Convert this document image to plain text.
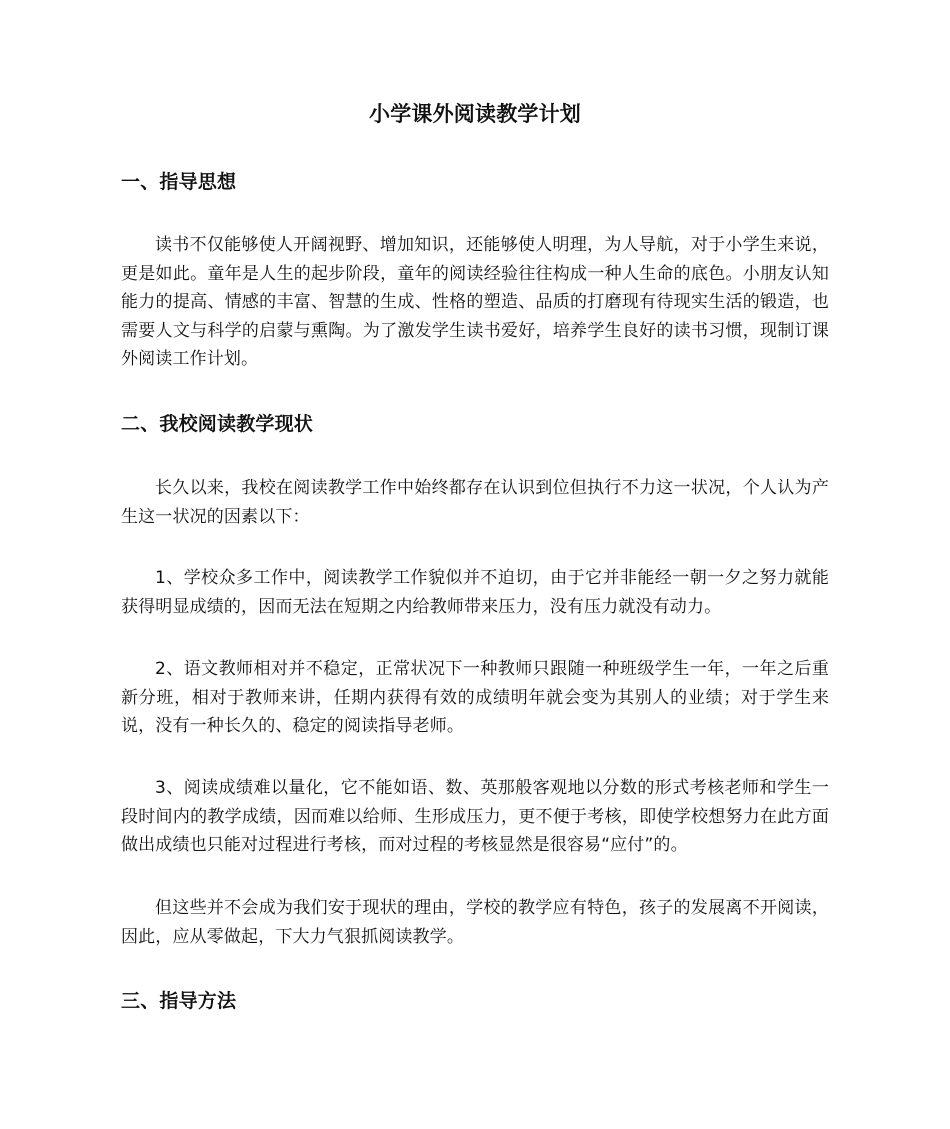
小学课外阅读教学计划
一、指导思想

读书不仅能够使人开阔视野、增加知识，还能够使人明理，为人导航，对于小学生来说，更是如此。童年是人生的起步阶段，童年的阅读经验往往构成一种人生命的底色。小朋友认知能力的提高、情感的丰富、智慧的生成、性格的塑造、品质的打磨现有待现实生活的锻造，也需要人文与科学的启蒙与熏陶。为了激发学生读书爱好，培养学生良好的读书习惯，现制订课外阅读工作计划。

二、我校阅读教学现状

长久以来，我校在阅读教学工作中始终都存在认识到位但执行不力这一状况，个人认为产生这一状况的因素以下：

1、学校众多工作中，阅读教学工作貌似并不迫切，由于它并非能经一朝一夕之努力就能获得明显成绩的，因而无法在短期之内给教师带来压力，没有压力就没有动力。

2、语文教师相对并不稳定，正常状况下一种教师只跟随一种班级学生一年，一年之后重新分班，相对于教师来讲，任期内获得有效的成绩明年就会变为其别人的业绩；对于学生来说，没有一种长久的、稳定的阅读指导老师。

3、阅读成绩难以量化，它不能如语、数、英那般客观地以分数的形式考核老师和学生一段时间内的教学成绩，因而难以给师、生形成压力，更不便于考核，即使学校想努力在此方面做出成绩也只能对过程进行考核，而对过程的考核显然是很容易“应付”的。

但这些并不会成为我们安于现状的理由，学校的教学应有特色，孩子的发展离不开阅读，因此，应从零做起，下大力气狠抓阅读教学。

三、指导方法
